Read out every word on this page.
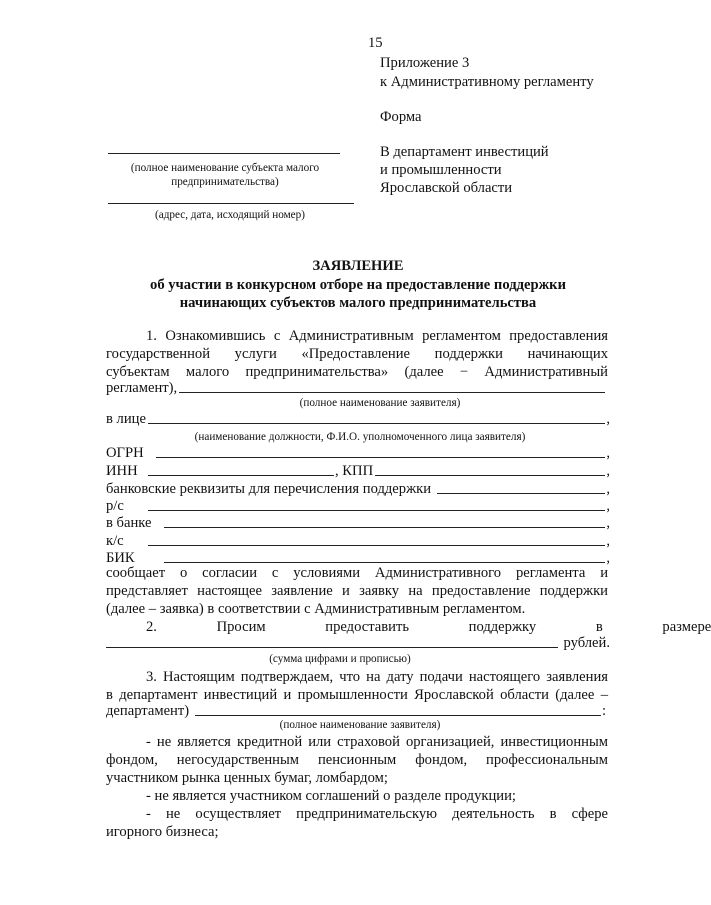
15
Приложение 3
к Административному регламенту
Форма
В департамент инвестиций
и промышленности
Ярославской области
(полное наименование субъекта малого
предпринимательства)
(адрес, дата, исходящий номер)
ЗАЯВЛЕНИЕ
об участии в конкурсном отборе на предоставление поддержки
начинающих субъектов малого предпринимательства
1. Ознакомившись с Административным регламентом предоставления
государственной услуги «Предоставление поддержки начинающих
субъектам малого предпринимательства» (далее − Административный
регламент),
(полное наименование заявителя)
в лице	,
(наименование должности, Ф.И.О. уполномоченного лица заявителя)
ОГРН	,
ИНН	, КПП	,
банковские реквизиты для перечисления поддержки	,
р/с	,
в банке	,
к/с	,
БИК	,
сообщает о согласии с условиями Административного регламента и
представляет настоящее заявление и заявку на предоставление поддержки
(далее – заявка) в соответствии с Административным регламентом.
2. Просим предоставить поддержку в размере
рублей.
(сумма цифрами и прописью)
3. Настоящим подтверждаем, что на дату подачи настоящего заявления
в департамент инвестиций и промышленности Ярославской области (далее –
департамент)	:
(полное наименование заявителя)
- не является кредитной или страховой организацией, инвестиционным
фондом, негосударственным пенсионным фондом, профессиональным
участником рынка ценных бумаг, ломбардом;
- не является участником соглашений о разделе продукции;
- не осуществляет предпринимательскую деятельность в сфере
игорного бизнеса;
